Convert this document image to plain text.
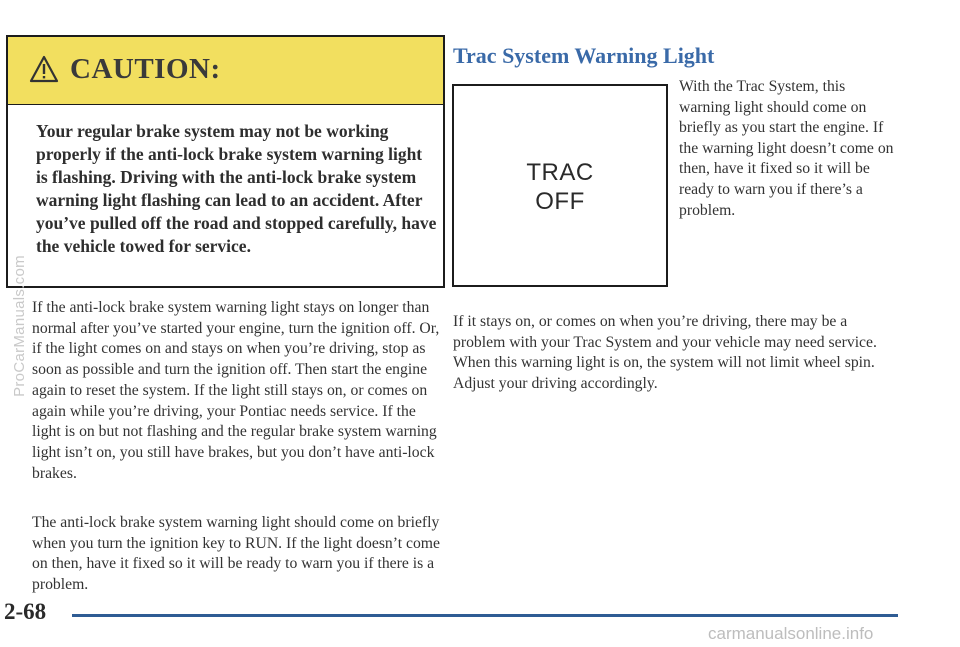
CAUTION:

Your regular brake system may not be working properly if the anti-lock brake system warning light is flashing. Driving with the anti-lock brake system warning light flashing can lead to an accident. After you’ve pulled off the road and stopped carefully, have the vehicle towed for service.

If the anti-lock brake system warning light stays on longer than normal after you’ve started your engine, turn the ignition off. Or, if the light comes on and stays on when you’re driving, stop as soon as possible and turn the ignition off. Then start the engine again to reset the system. If the light still stays on, or comes on again while you’re driving, your Pontiac needs service. If the light is on but not flashing and the regular brake system warning light isn’t on, you still have brakes, but you don’t have anti-lock brakes.

The anti-lock brake system warning light should come on briefly when you turn the ignition key to RUN. If the light doesn’t come on then, have it fixed so it will be ready to warn you if there is a problem.

Trac System Warning Light
TRAC
OFF

With the Trac System, this warning light should come on briefly as you start the engine. If the warning light doesn’t come on then, have it fixed so it will be ready to warn you if there’s a problem.

If it stays on, or comes on when you’re driving, there may be a problem with your Trac System and your vehicle may need service. When this warning light is on, the system will not limit wheel spin. Adjust your driving accordingly.

2-68

ProCarManuals.com
carmanualsonline.info
